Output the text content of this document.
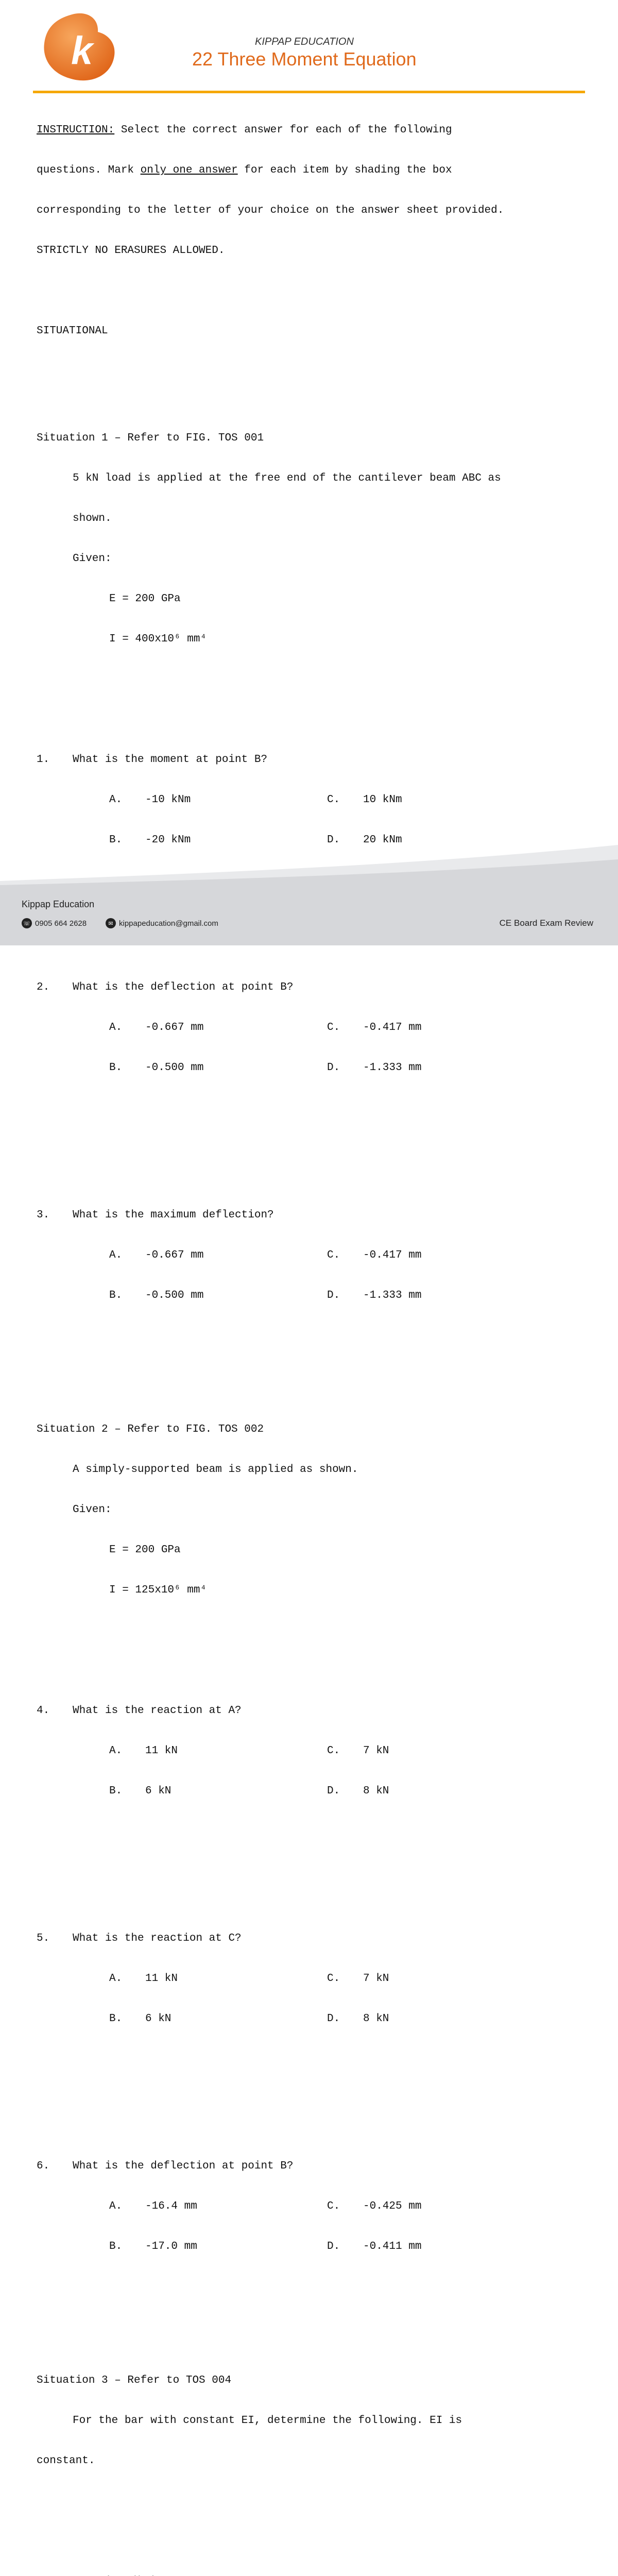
k	KIPPAP EDUCATION
22 Three Moment Equation

INSTRUCTION: Select the correct answer for each of the following

questions. Mark only one answer for each item by shading the box

corresponding to the letter of your choice on the answer sheet provided.

STRICTLY NO ERASURES ALLOWED.

SITUATIONAL

Situation 1 – Refer to FIG. TOS 001

5 kN load is applied at the free end of the cantilever beam ABC as

shown.

Given:

E = 200 GPa

I = 400x10⁶ mm⁴

1.	What is the moment at point B?

A.	-10 kNm	C.	10 kNm

B.	-20 kNm	D.	20 kNm

2.	What is the deflection at point B?

A.	-0.667 mm	C.	-0.417 mm

B.	-0.500 mm	D.	-1.333 mm

3.	What is the maximum deflection?

A.	-0.667 mm	C.	-0.417 mm

B.	-0.500 mm	D.	-1.333 mm

Situation 2 – Refer to FIG. TOS 002

A simply-supported beam is applied as shown.

Given:

E = 200 GPa

I = 125x10⁶ mm⁴

4.	What is the reaction at A?

A.	11 kN	C.	7 kN

B.	6 kN	D.	8 kN

5.	What is the reaction at C?

A.	11 kN	C.	7 kN

B.	6 kN	D.	8 kN

6.	What is the deflection at point B?

A.	-16.4 mm	C.	-0.425 mm

B.	-17.0 mm	D.	-0.411 mm

Situation 3 – Refer to TOS 004

For the bar with constant EI, determine the following. EI is

constant.

Kippap Education
☏ 0905 664 2628	✉ kippapeducation@gmail.com	CE Board Exam Review
